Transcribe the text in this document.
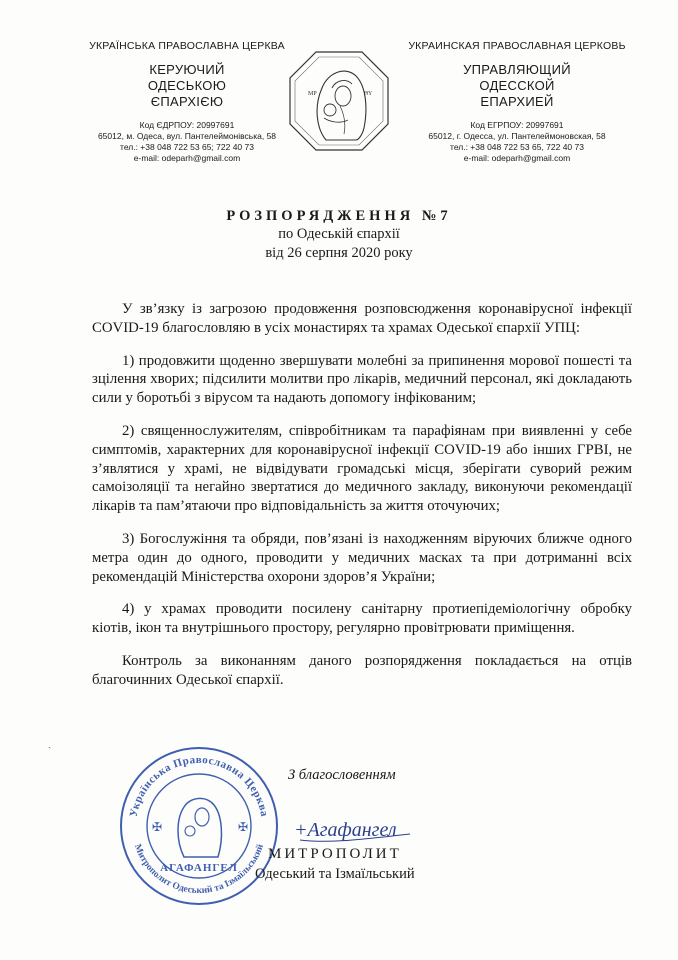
УКРАЇНСЬКА ПРАВОСЛАВНА ЦЕРКВА
КЕРУЮЧИЙ
ОДЕСЬКОЮ
ЄПАРХІЄЮ
Код ЄДРПОУ: 20997691
65012, м. Одеса, вул. Пантелеймонівська, 58
тел.: +38 048 722 53 65; 722 40 73
e-mail: odeparh@gmail.com
МР	ΘΥ
УКРАИНСКАЯ ПРАВОСЛАВНАЯ ЦЕРКОВЬ
УПРАВЛЯЮЩИЙ
ОДЕССКОЙ
ЕПАРХИЕЙ
Код ЕГРПОУ: 20997691
65012, г. Одесса, ул. Пантелеймоновская, 58
тел.: +38 048 722 53 65, 722 40 73
e-mail: odeparh@gmail.com
РОЗПОРЯДЖЕННЯ №7
по Одеській єпархії
від 26 серпня 2020 року

У зв’язку із загрозою продовження розповсюдження коронавірусної інфекції COVID-19 благословляю в усіх монастирях та храмах Одеської єпархії УПЦ:

1) продовжити щоденно звершувати молебні за припинення морової пошесті та зцілення хворих; підсилити молитви про лікарів, медичний персонал, які докладають сили у боротьбі з вірусом та надають допомогу інфікованим;

2) священнослужителям, співробітникам та парафіянам при виявленні у себе симптомів, характерних для коронавірусної інфекції COVID-19 або інших ГРВІ, не з’являтися у храмі, не відвідувати громадські місця, зберігати суворий режим самоізоляції та негайно звертатися до медичного закладу, виконуючи рекомендації лікарів та пам’ятаючи про відповідальність за життя оточуючих;

3) Богослужіння та обряди, пов’язані із находженням віруючих ближче одного метра один до одного, проводити у медичних масках та при дотриманні всіх рекомендацій Міністерства охорони здоров’я України;

4) у храмах проводити посилену санітарну протиепідеміологічну обробку кіотів, ікон та внутрішнього простору, регулярно провітрювати приміщення.

Контроль за виконанням даного розпорядження покладається на отців благочинних Одеської єпархії.

ˏ
Українська Православна Церква
Митрополит Одеський та Ізмаїльський
АГАФАНГЕЛ
✠	✠
З благословенням
+Агафангел
МИТРОПОЛИТ
Одеський та Ізмаїльський
